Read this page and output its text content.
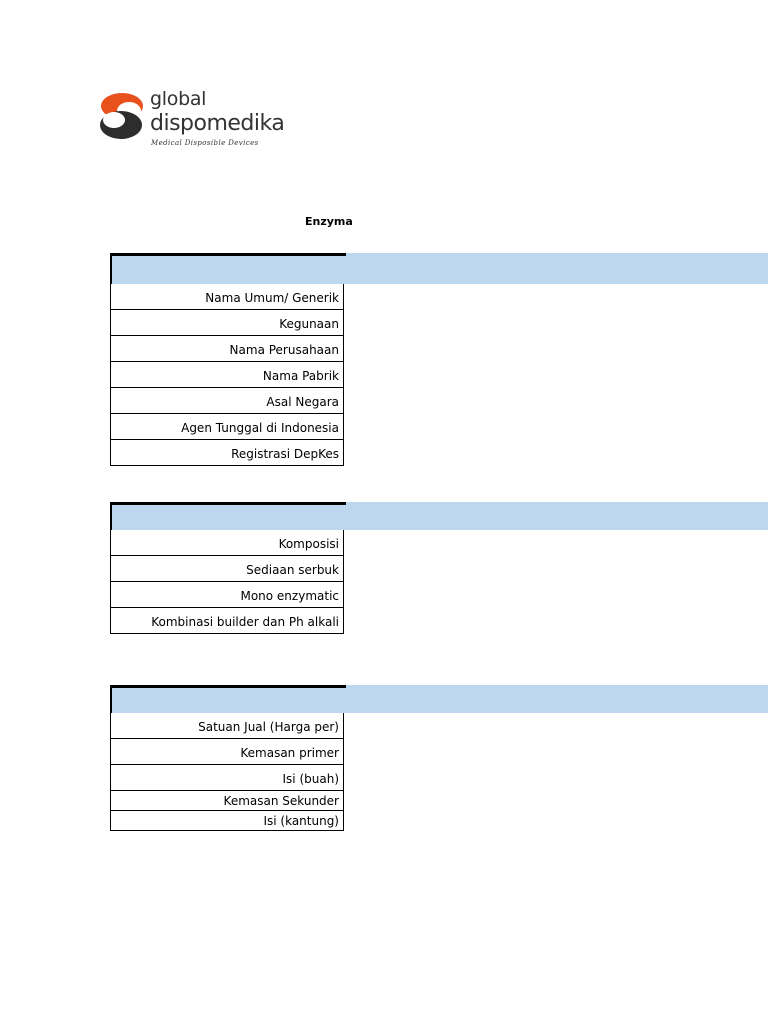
global
dispomedika
Medical Disposible Devices
Enzyma
Nama Umum/ Generik
Kegunaan
Nama Perusahaan
Nama Pabrik
Asal Negara
Agen Tunggal di Indonesia
Registrasi DepKes
Komposisi
Sediaan serbuk
Mono enzymatic
Kombinasi builder dan Ph alkali
Satuan Jual (Harga per)
Kemasan primer
Isi (buah)
Kemasan Sekunder
Isi (kantung)
